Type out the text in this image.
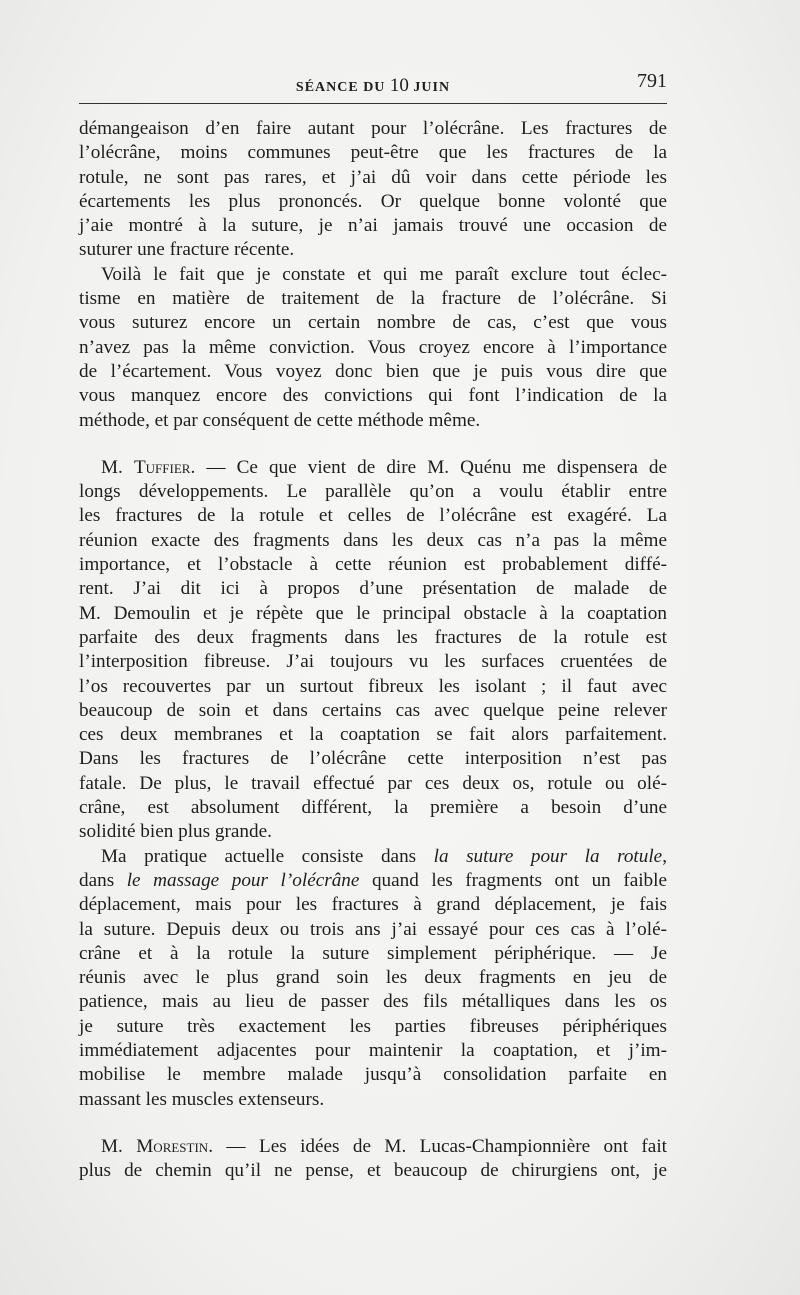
SÉANCE DU 10 JUIN	791
démangeaison d’en faire autant pour l’olécrâne. Les fractures de
l’olécrâne, moins communes peut-être que les fractures de la
rotule, ne sont pas rares, et j’ai dû voir dans cette période les
écartements les plus prononcés. Or quelque bonne volonté que
j’aie montré à la suture, je n’ai jamais trouvé une occasion de
suturer une fracture récente.
Voilà le fait que je constate et qui me paraît exclure tout éclec-
tisme en matière de traitement de la fracture de l’olécrâne. Si
vous suturez encore un certain nombre de cas, c’est que vous
n’avez pas la même conviction. Vous croyez encore à l’importance
de l’écartement. Vous voyez donc bien que je puis vous dire que
vous manquez encore des convictions qui font l’indication de la
méthode, et par conséquent de cette méthode même.
M. Tuffier. — Ce que vient de dire M. Quénu me dispensera de
longs développements. Le parallèle qu’on a voulu établir entre
les fractures de la rotule et celles de l’olécrâne est exagéré. La
réunion exacte des fragments dans les deux cas n’a pas la même
importance, et l’obstacle à cette réunion est probablement diffé-
rent. J’ai dit ici à propos d’une présentation de malade de
M. Demoulin et je répète que le principal obstacle à la coaptation
parfaite des deux fragments dans les fractures de la rotule est
l’interposition fibreuse. J’ai toujours vu les surfaces cruentées de
l’os recouvertes par un surtout fibreux les isolant ; il faut avec
beaucoup de soin et dans certains cas avec quelque peine relever
ces deux membranes et la coaptation se fait alors parfaitement.
Dans les fractures de l’olécrâne cette interposition n’est pas
fatale. De plus, le travail effectué par ces deux os, rotule ou olé-
crâne, est absolument différent, la première a besoin d’une
solidité bien plus grande.
Ma pratique actuelle consiste dans la suture pour la rotule,
dans le massage pour l’olécrâne quand les fragments ont un faible
déplacement, mais pour les fractures à grand déplacement, je fais
la suture. Depuis deux ou trois ans j’ai essayé pour ces cas à l’olé-
crâne et à la rotule la suture simplement périphérique. — Je
réunis avec le plus grand soin les deux fragments en jeu de
patience, mais au lieu de passer des fils métalliques dans les os
je suture très exactement les parties fibreuses périphériques
immédiatement adjacentes pour maintenir la coaptation, et j’im-
mobilise le membre malade jusqu’à consolidation parfaite en
massant les muscles extenseurs.
M. Morestin. — Les idées de M. Lucas-Championnière ont fait
plus de chemin qu’il ne pense, et beaucoup de chirurgiens ont, je
